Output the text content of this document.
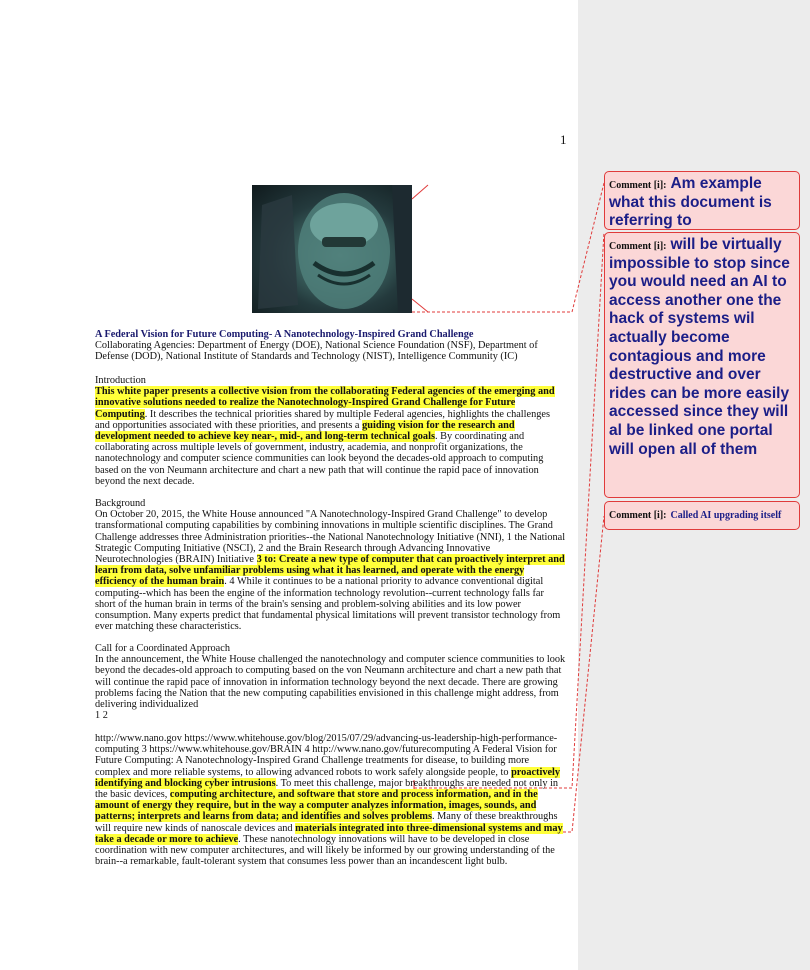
1
A Federal Vision for Future Computing- A Nanotechnology-Inspired Grand Challenge
Collaborating Agencies: Department of Energy (DOE), National Science Foundation (NSF), Department of Defense (DOD), National Institute of Standards and Technology (NIST), Intelligence Community (IC)
Introduction
This white paper presents a collective vision from the collaborating Federal agencies of the emerging and innovative solutions needed to realize the Nanotechnology-Inspired Grand Challenge for Future Computing. It describes the technical priorities shared by multiple Federal agencies, highlights the challenges and opportunities associated with these priorities, and presents a guiding vision for the research and development needed to achieve key near-, mid-, and long-term technical goals. By coordinating and collaborating across multiple levels of government, industry, academia, and nonprofit organizations, the nanotechnology and computer science communities can look beyond the decades-old approach to computing based on the von Neumann architecture and chart a new path that will continue the rapid pace of innovation beyond the next decade.
Background
On October 20, 2015, the White House announced "A Nanotechnology-Inspired Grand Challenge" to develop transformational computing capabilities by combining innovations in multiple scientific disciplines. The Grand Challenge addresses three Administration priorities--the National Nanotechnology Initiative (NNI), 1 the National Strategic Computing Initiative (NSCI), 2 and the Brain Research through Advancing Innovative Neurotechnologies (BRAIN) Initiative 3 to: Create a new type of computer that can proactively interpret and learn from data, solve unfamiliar problems using what it has learned, and operate with the energy efficiency of the human brain. 4 While it continues to be a national priority to advance conventional digital computing--which has been the engine of the information technology revolution--current technology falls far short of the human brain in terms of the brain's sensing and problem-solving abilities and its low power consumption. Many experts predict that fundamental physical limitations will prevent transistor technology from ever matching these characteristics.
Call for a Coordinated Approach
In the announcement, the White House challenged the nanotechnology and computer science communities to look beyond the decades-old approach to computing based on the von Neumann architecture and chart a new path that will continue the rapid pace of innovation in information technology beyond the next decade. There are growing problems facing the Nation that the new computing capabilities envisioned in this challenge might address, from delivering individualized
1 2
http://www.nano.gov https://www.whitehouse.gov/blog/2015/07/29/advancing-us-leadership-high-performance-computing 3 https://www.whitehouse.gov/BRAIN 4 http://www.nano.gov/futurecomputing A Federal Vision for Future Computing: A Nanotechnology-Inspired Grand Challenge treatments for disease, to building more complex and more reliable systems, to allowing advanced robots to work safely alongside people, to proactively identifying and blocking cyber intrusions. To meet this challenge, major breakthroughs are needed not only in the basic devices, computing architecture, and software that store and process information, and in the amount of energy they require, but in the way a computer analyzes information, images, sounds, and patterns; interprets and learns from data; and identifies and solves problems. Many of these breakthroughs will require new kinds of nanoscale devices and materials integrated into three-dimensional systems and may take a decade or more to achieve. These nanotechnology innovations will have to be developed in close coordination with new computer architectures, and will likely be informed by our growing understanding of the brain--a remarkable, fault-tolerant system that consumes less power than an incandescent light bulb.
Comment [i]: Am example what this document is referring to
Comment [i]: will be virtually impossible to stop since you would need an AI to access another one the hack of systems wil actually become contagious and more destructive and over rides can be more easily accessed since they will al be linked one portal will open all of them
Comment [i]: Called AI upgrading itself
